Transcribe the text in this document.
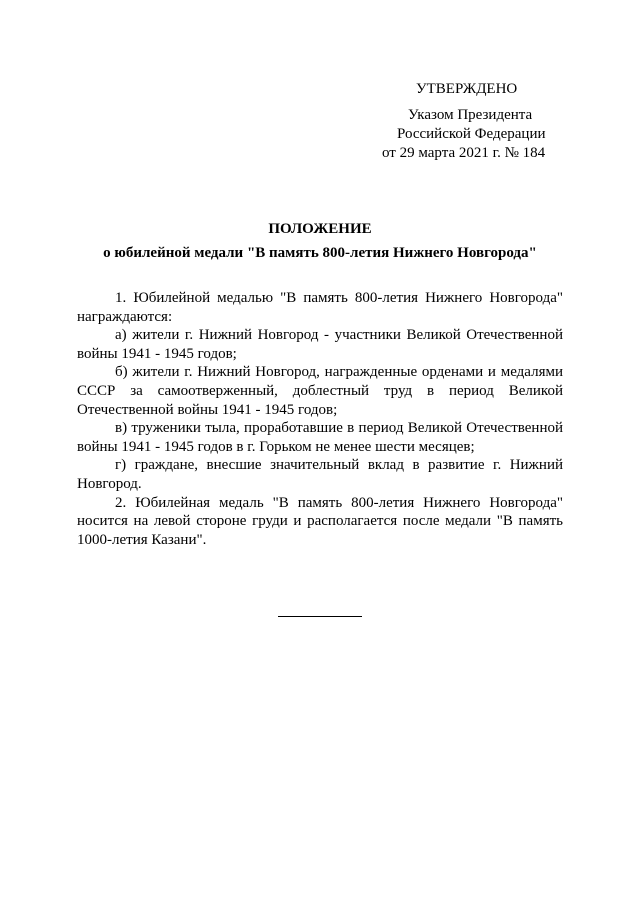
УТВЕРЖДЕНО
Указом Президента
Российской Федерации
от 29 марта 2021 г. № 184
ПОЛОЖЕНИЕ
о юбилейной медали "В память 800-летия Нижнего Новгорода"

1. Юбилейной медалью "В память 800-летия Нижнего Новгорода" награждаются:

а) жители г. Нижний Новгород - участники Великой Отечественной войны 1941 - 1945 годов;

б) жители г. Нижний Новгород, награжденные орденами и медалями СССР за самоотверженный, доблестный труд в период Великой Отечественной войны 1941 - 1945 годов;

в) труженики тыла, проработавшие в период Великой Отечественной войны 1941 - 1945 годов в г. Горьком не менее шести месяцев;

г) граждане, внесшие значительный вклад в развитие г. Нижний Новгород.

2. Юбилейная медаль "В память 800-летия Нижнего Новгорода" носится на левой стороне груди и располагается после медали "В память 1000-летия Казани".
